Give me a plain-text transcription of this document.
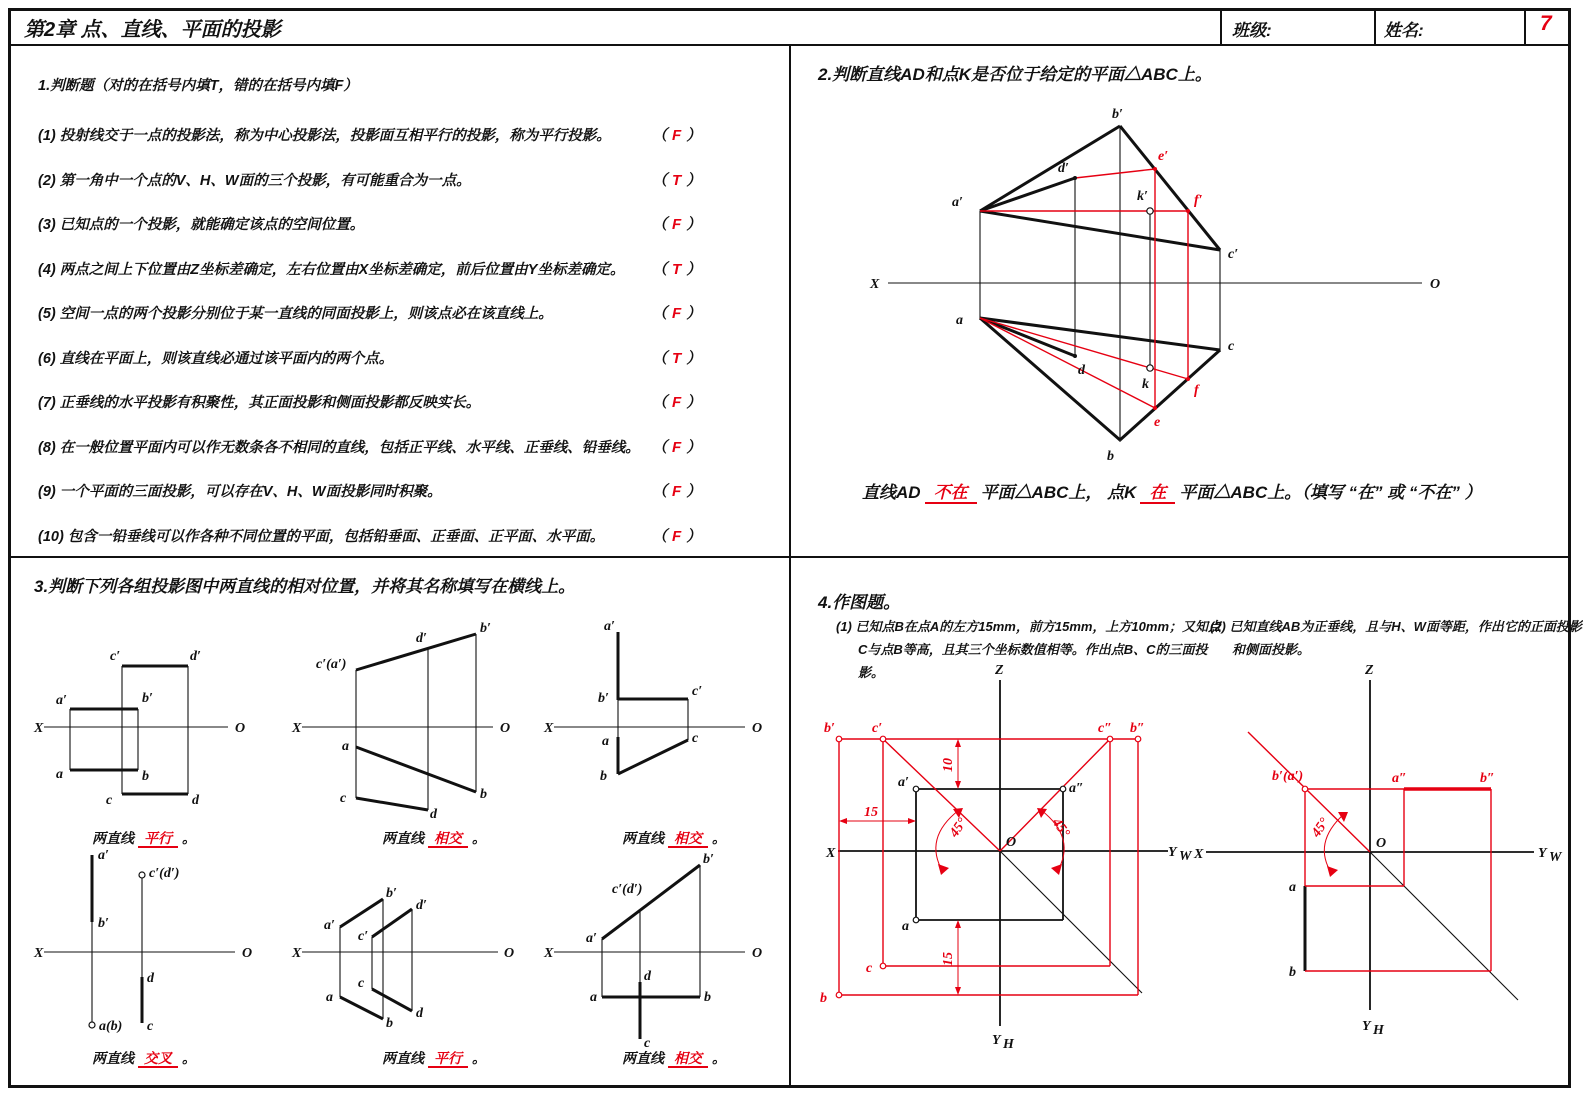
第2章 点、直线、平面的投影	班级:	姓名:	7
1.判断题（对的在括号内填T，错的在括号内填F）
(1) 投射线交于一点的投影法，称为中心投影法，投影面互相平行的投影，称为平行投影。	（ F ）
(2) 第一角中一个点的V、H、W面的三个投影，有可能重合为一点。	（ T ）
(3) 已知点的一个投影，就能确定该点的空间位置。	（ F ）
(4) 两点之间上下位置由Z坐标差确定，左右位置由X坐标差确定，前后位置由Y坐标差确定。 （ T ）
(5) 空间一点的两个投影分别位于某一直线的同面投影上，则该点必在该直线上。	（ F ）
(6) 直线在平面上，则该直线必通过该平面内的两个点。	（ T ）
(7) 正垂线的水平投影有积聚性，其正面投影和侧面投影都反映实长。	（ F ）
(8) 在一般位置平面内可以作无数条各不相同的直线，包括正平线、水平线、正垂线、铅垂线。 （ F ）
(9) 一个平面的三面投影，可以存在V、H、W面投影同时积聚。	（ F ）
(10) 包含一铅垂线可以作各种不同位置的平面，包括铅垂面、正垂面、正平面、水平面。	（ F ）
2.判断直线AD和点K是否位于给定的平面△ABC上。
X	O
b′
e′
d′
a′	k′	f′
c′
a
d
k
c
f
e
b
直线AD 不在 平面△ABC上， 点K 在 平面△ABC上。（填写 “在” 或 “不在” ）
3.判断下列各组投影图中两直线的相对位置，并将其名称填写在横线上。
X	O
a′	b′
a	b
c′	d′
c	d
X	O
c′(a′)
b′
d′
a
b
c
d
X	O
a′
b′	c′
a
b
c
两直线 平行 。	两直线 相交 。	两直线 相交 。
X	O
a′
b′
a(b)
c′(d′)
d
c
X	O
a′
b′
c′
d′
a
b
c
d
X	O
a′
b′
c′(d′)
a	b
d
c
两直线 交叉 。	两直线 平行 。	两直线 相交 。
4.作图题。
(1) 已知点B在点A的左方15mm，前方15mm，上方10mm；又知点C与点B等高，且其三个坐标数值相等。作出点B、C的三面投影。
(2) 已知直线AB为正垂线，且与H、W面等距，作出它的正面投影和侧面投影。
Z
X
O
Y W
Y H
a′	a″
a
b′	c′	c″ b″
b
c
10
15
15
45°	45°
Z
X
O
Y W
Y H
b′(a′)	a″	b″
a
b
45°
